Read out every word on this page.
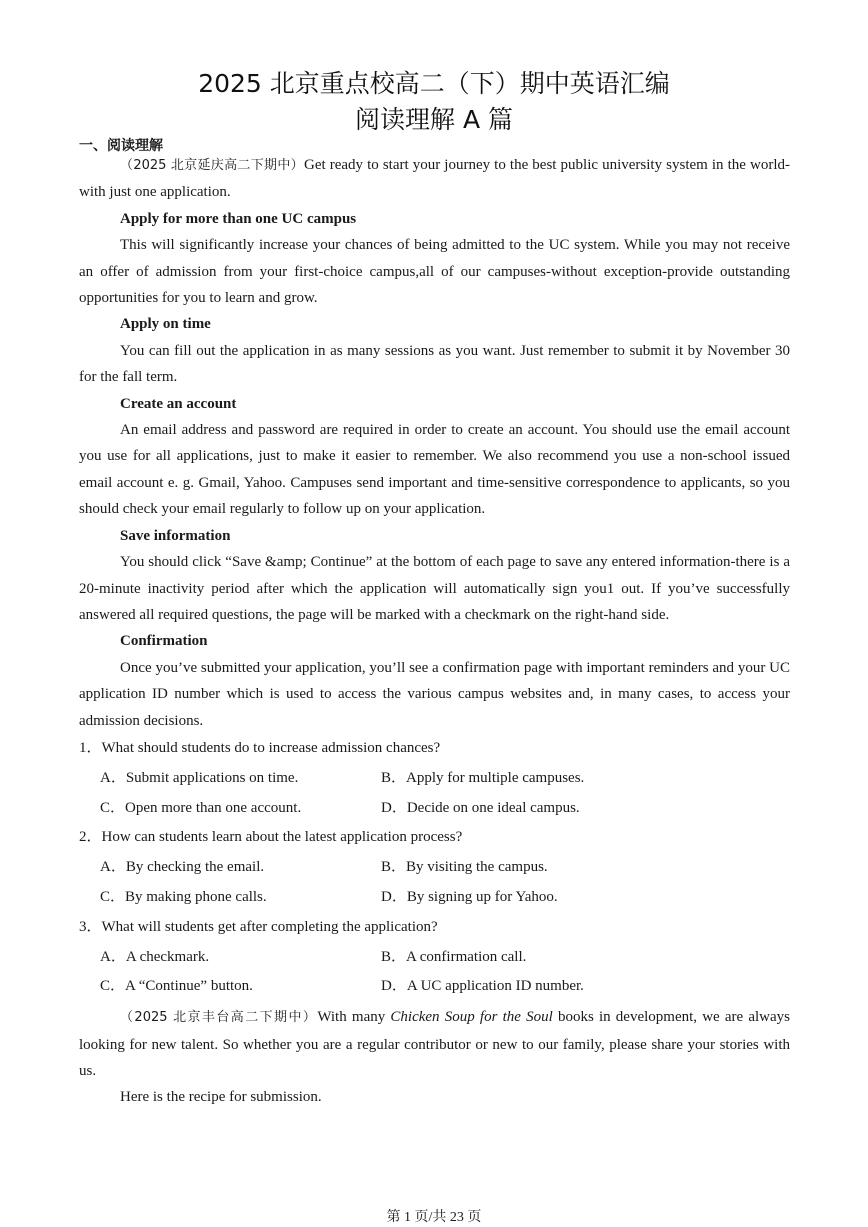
2025 北京重点校高二（下）期中英语汇编
阅读理解 A 篇
一、阅读理解

（2025 北京延庆高二下期中）Get ready to start your journey to the best public university system in the world-with just one application.

Apply for more than one UC campus

This will significantly increase your chances of being admitted to the UC system. While you may not receive an offer of admission from your first-choice campus,all of our campuses-without exception-provide outstanding opportunities for you to learn and grow.

Apply on time

You can fill out the application in as many sessions as you want. Just remember to submit it by November 30 for the fall term.

Create an account

An email address and password are required in order to create an account. You should use the email account you use for all applications, just to make it easier to remember. We also recommend you use a non-school issued email account e. g. Gmail, Yahoo. Campuses send important and time-sensitive correspondence to applicants, so you should check your email regularly to follow up on your application.

Save information

You should click “Save &amp; Continue” at the bottom of each page to save any entered information-there is a 20-minute inactivity period after which the application will automatically sign you1 out. If you’ve successfully answered all required questions, the page will be marked with a checkmark on the right-hand side.

Confirmation

Once you’ve submitted your application, you’ll see a confirmation page with important reminders and your UC application ID number which is used to access the various campus websites and, in many cases, to access your admission decisions.

1．What should students do to increase admission chances?

A．Submit applications on time.	B．Apply for multiple campuses.
C．Open more than one account.	D．Decide on one ideal campus.

2．How can students learn about the latest application process?

A．By checking the email.	B．By visiting the campus.
C．By making phone calls.	D．By signing up for Yahoo.

3．What will students get after completing the application?

A．A checkmark.	B．A confirmation call.
C．A “Continue” button.	D．A UC application ID number.

（2025 北京丰台高二下期中）With many Chicken Soup for the Soul books in development, we are always looking for new talent. So whether you are a regular contributor or new to our family, please share your stories with us.

Here is the recipe for submission.

第 1 页/共 23 页
